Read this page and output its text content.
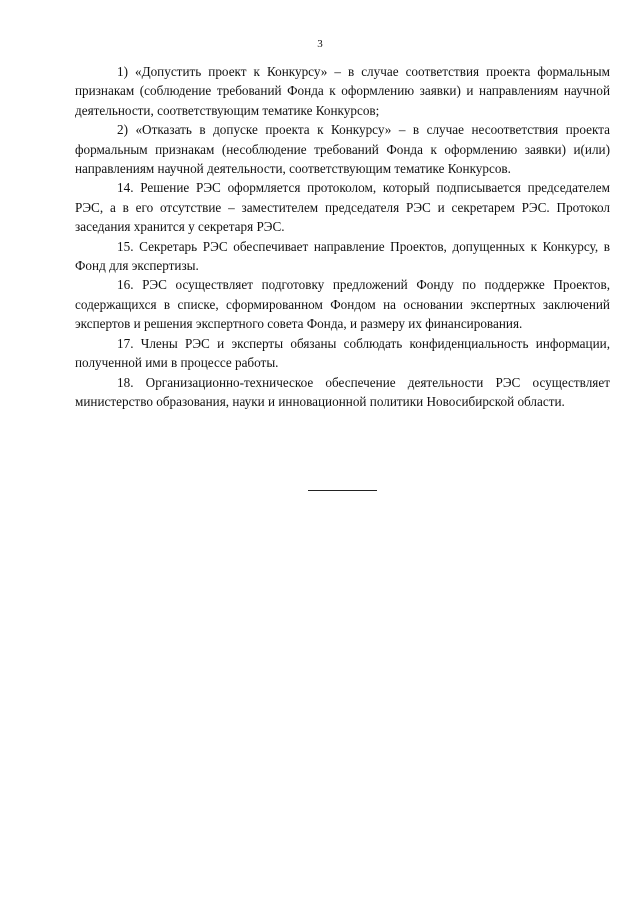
3

1) «Допустить проект к Конкурсу» – в случае соответствия проекта формальным признакам (соблюдение требований Фонда к оформлению заявки) и направлениям научной деятельности, соответствующим тематике Конкурсов;

2) «Отказать в допуске проекта к Конкурсу» – в случае несоответствия проекта формальным признакам (несоблюдение требований Фонда к оформлению заявки) и(или) направлениям научной деятельности, соответствующим тематике Конкурсов.

14. Решение РЭС оформляется протоколом, который подписывается председателем РЭС, а в его отсутствие – заместителем председателя РЭС и секретарем РЭС. Протокол заседания хранится у секретаря РЭС.

15. Секретарь РЭС обеспечивает направление Проектов, допущенных к Конкурсу, в Фонд для экспертизы.

16. РЭС осуществляет подготовку предложений Фонду по поддержке Проектов, содержащихся в списке, сформированном Фондом на основании экспертных заключений экспертов и решения экспертного совета Фонда, и размеру их финансирования.

17. Члены РЭС и эксперты обязаны соблюдать конфиденциальность информации, полученной ими в процессе работы.

18. Организационно-техническое обеспечение деятельности РЭС осуществляет министерство образования, науки и инновационной политики Новосибирской области.
